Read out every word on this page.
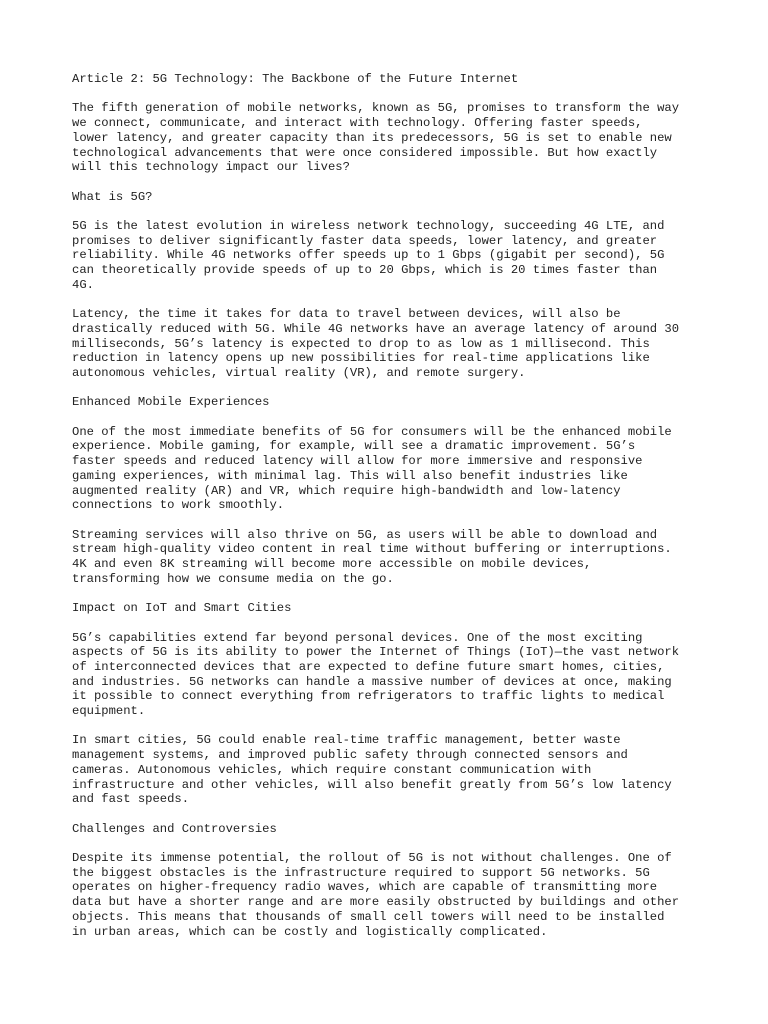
Article 2: 5G Technology: The Backbone of the Future Internet
The fifth generation of mobile networks, known as 5G, promises to transform the way
we connect, communicate, and interact with technology. Offering faster speeds,
lower latency, and greater capacity than its predecessors, 5G is set to enable new
technological advancements that were once considered impossible. But how exactly
will this technology impact our lives?
What is 5G?
5G is the latest evolution in wireless network technology, succeeding 4G LTE, and
promises to deliver significantly faster data speeds, lower latency, and greater
reliability. While 4G networks offer speeds up to 1 Gbps (gigabit per second), 5G
can theoretically provide speeds of up to 20 Gbps, which is 20 times faster than
4G.
Latency, the time it takes for data to travel between devices, will also be
drastically reduced with 5G. While 4G networks have an average latency of around 30
milliseconds, 5G’s latency is expected to drop to as low as 1 millisecond. This
reduction in latency opens up new possibilities for real-time applications like
autonomous vehicles, virtual reality (VR), and remote surgery.
Enhanced Mobile Experiences
One of the most immediate benefits of 5G for consumers will be the enhanced mobile
experience. Mobile gaming, for example, will see a dramatic improvement. 5G’s
faster speeds and reduced latency will allow for more immersive and responsive
gaming experiences, with minimal lag. This will also benefit industries like
augmented reality (AR) and VR, which require high-bandwidth and low-latency
connections to work smoothly.
Streaming services will also thrive on 5G, as users will be able to download and
stream high-quality video content in real time without buffering or interruptions.
4K and even 8K streaming will become more accessible on mobile devices,
transforming how we consume media on the go.
Impact on IoT and Smart Cities
5G’s capabilities extend far beyond personal devices. One of the most exciting
aspects of 5G is its ability to power the Internet of Things (IoT)—the vast network
of interconnected devices that are expected to define future smart homes, cities,
and industries. 5G networks can handle a massive number of devices at once, making
it possible to connect everything from refrigerators to traffic lights to medical
equipment.
In smart cities, 5G could enable real-time traffic management, better waste
management systems, and improved public safety through connected sensors and
cameras. Autonomous vehicles, which require constant communication with
infrastructure and other vehicles, will also benefit greatly from 5G’s low latency
and fast speeds.
Challenges and Controversies
Despite its immense potential, the rollout of 5G is not without challenges. One of
the biggest obstacles is the infrastructure required to support 5G networks. 5G
operates on higher-frequency radio waves, which are capable of transmitting more
data but have a shorter range and are more easily obstructed by buildings and other
objects. This means that thousands of small cell towers will need to be installed
in urban areas, which can be costly and logistically complicated.
